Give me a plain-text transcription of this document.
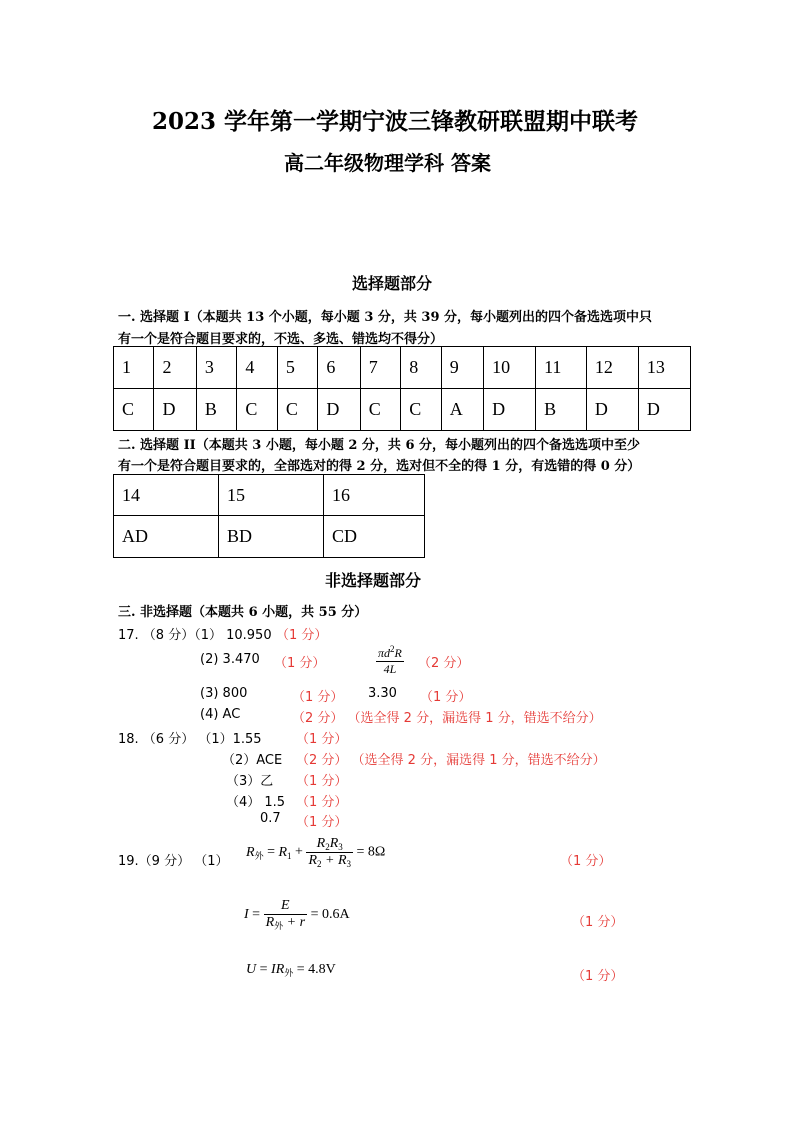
2023 学年第一学期宁波三锋教研联盟期中联考
高二年级物理学科 答案
选择题部分
一. 选择题 I（本题共 13 个小题，每小题 3 分，共 39 分，每小题列出的四个备选选项中只
有一个是符合题目要求的，不选、多选、错选均不得分）
1	2	3	4	5	6	7	8	9	10	11	12	13
C	D	B	C	C	D	C	C	A	D	B	D	D
二. 选择题 II（本题共 3 小题，每小题 2 分，共 6 分，每小题列出的四个备选选项中至少
有一个是符合题目要求的，全部选对的得 2 分，选对但不全的得 1 分，有选错的得 0 分）
14	15	16
AD	BD	CD
非选择题部分
三. 非选择题（本题共 6 小题，共 55 分）
17. （8 分）（1） 10.950 （1 分）
(2) 3.470 （1 分）	$\frac{\pi d^2R}{4L} (2$ 分）
(3) 800	（1 分） 3.30 （1 分）
(4) AC	（2 分） （选全得 2 分，漏选得 1 分，错选不给分）
18. （6 分） （1）1.55	（1 分）
（2）ACE （2 分） （选全得 2 分，漏选得 1 分，错选不给分）
（3）乙 （1 分）
（4） 1.5 （1 分）
0.7 （1 分）
19.（9 分） （1）
$R_外 = R_1 + \frac{R_2R_3}{R_2 + R_3} = 8\Omega$
（1 分）
$I = \frac{E}{R_外 + r} = 0.6A$
（1 分）
$U = IR_外 = 4.8V$	（1 分）
